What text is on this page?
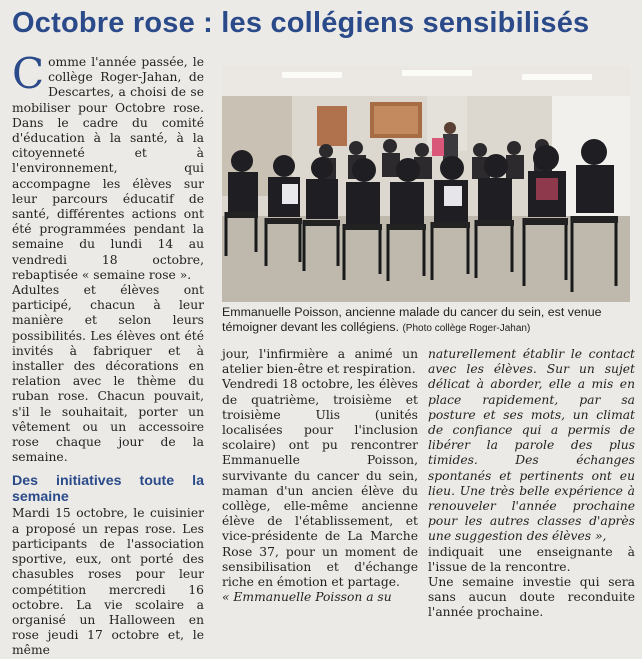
Octobre rose : les collégiens sensibilisés

Comme l'année passée, le collège Roger-Jahan, de Descartes, a choisi de se mobiliser pour Octobre rose. Dans le cadre du comité d'éducation à la santé, à la citoyenneté et à l'environnement, qui accompagne les élèves sur leur parcours éducatif de santé, différentes actions ont été programmées pendant la semaine du lundi 14 au vendredi 18 octobre, rebaptisée « semaine rose ».

Adultes et élèves ont participé, chacun à leur manière et selon leurs possibilités. Les élèves ont été invités à fabriquer et à installer des décorations en relation avec le thème du ruban rose. Chacun pouvait, s'il le souhaitait, porter un vêtement ou un accessoire rose chaque jour de la semaine.

Des initiatives toute la semaine

Mardi 15 octobre, le cuisinier a proposé un repas rose. Les participants de l'association sportive, eux, ont porté des chasubles roses pour leur compétition mercredi 16 octobre. La vie scolaire a organisé un Halloween en rose jeudi 17 octobre et, le même

Emmanuelle Poisson, ancienne malade du cancer du sein, est venue témoigner devant les collégiens. (Photo collège Roger-Jahan)

jour, l'infirmière a animé un atelier bien-être et respiration.

Vendredi 18 octobre, les élèves de quatrième, troisième et troisième Ulis (unités localisées pour l'inclusion scolaire) ont pu rencontrer Emmanuelle Poisson, survivante du cancer du sein, maman d'un ancien élève du collège, elle-même ancienne élève de l'établissement, et vice-présidente de La Marche Rose 37, pour un moment de sensibilisation et d'échange riche en émotion et partage.

« Emmanuelle Poisson a su

naturellement établir le contact avec les élèves. Sur un sujet délicat à aborder, elle a mis en place rapidement, par sa posture et ses mots, un climat de confiance qui a permis de libérer la parole des plus timides. Des échanges spontanés et pertinents ont eu lieu. Une très belle expérience à renouveler l'année prochaine pour les autres classes d'après une suggestion des élèves »,

indiquait une enseignante à l'issue de la rencontre.

Une semaine investie qui sera sans aucun doute reconduite l'année prochaine.
